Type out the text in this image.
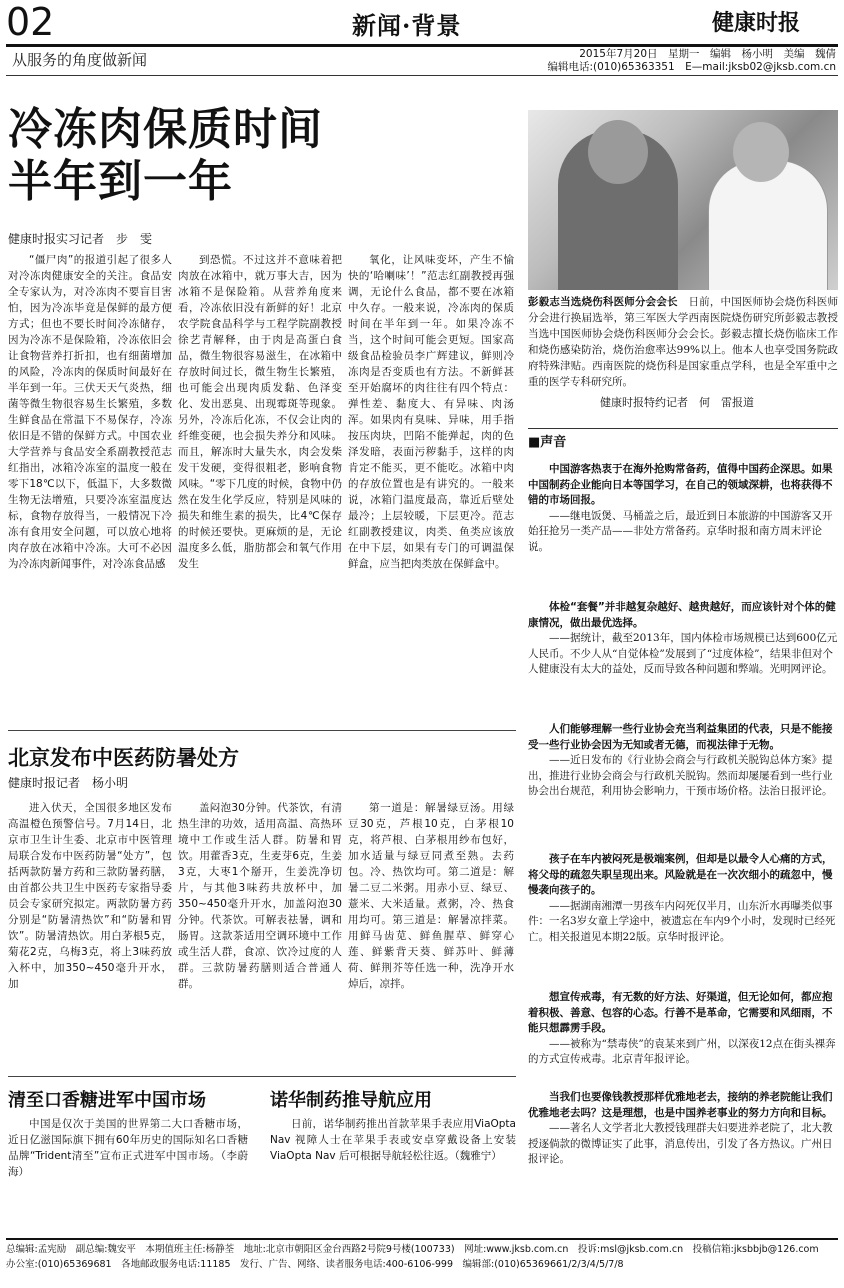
02	新闻·背景	健康时报
从服务的角度做新闻	2015年7月20日　星期一　编辑　杨小明　美编　魏倩
编辑电话:(010)65363351　 E—mail:jksb02@jksb.com.cn
冷冻肉保质时间
半年到一年
健康时报实习记者　步　雯

“僵尸肉”的报道引起了很多人对冷冻肉健康安全的关注。食品安全专家认为，对冷冻肉不要盲目害怕，因为冷冻毕竟是保鲜的最方便方式；但也不要长时间冷冻储存，因为冷冻不是保险箱，冷冻依旧会让食物营养打折扣，也有细菌增加的风险，冷冻肉的保质时间最好在半年到一年。三伏天天气炎热，细菌等微生物很容易生长繁殖，多数生鲜食品在常温下不易保存，冷冻依旧是不错的保鲜方式。中国农业大学营养与食品安全系副教授范志红指出，冰箱冷冻室的温度一般在零下18℃以下，低温下，大多数微生物无法增殖，只要冷冻室温度达标，食物存放得当，一般情况下冷冻有食用安全问题，可以放心地将肉存放在冰箱中冷冻。大可不必因为冷冻肉新闻事件，对冷冻食品感

到恐慌。不过这并不意味着把肉放在冰箱中，就万事大吉，因为冰箱不是保险箱。从营养角度来看，冷冻依旧没有新鲜的好！北京农学院食品科学与工程学院副教授徐艺青解释，由于肉是高蛋白食品，微生物很容易滋生，在冰箱中存放时间过长，微生物生长繁殖，也可能会出现肉质发黏、色泽变化、发出恶臭、出现霉斑等现象。另外，冷冻后化冻，不仅会让肉的纤维变硬，也会损失养分和风味。而且，解冻时大量失水，肉会发柴发干发硬，变得很粗老，影响食物风味。“零下几度的时候，食物中仍然在发生化学反应，特别是风味的损失和维生素的损失，比4℃保存的时候还要快。更麻烦的是，无论温度多么低，脂肪都会和氧气作用发生

氧化，让风味变坏，产生不愉快的‘哈喇味’！”范志红副教授再强调，无论什么食品，都不要在冰箱中久存。一般来说，冷冻肉的保质时间在半年到一年。如果冷冻不当，这个时间可能会更短。国家高级食品检验员李广辉建议，鲜则冷冻肉是否变质也有方法。不新鲜甚至开始腐坏的肉往往有四个特点：弹性差、黏度大、有异味、肉汤浑。如果肉有臭味、异味，用手指按压肉块，凹陷不能弹起，肉的色泽发暗，表面污秽黏手，这样的肉肯定不能买，更不能吃。冰箱中肉的存放位置也是有讲究的。一般来说，冰箱门温度最高，靠近后壁处最冷；上层较暖，下层更冷。范志红副教授建议，肉类、鱼类应该放在中下层，如果有专门的可调温保鲜盒，应当把肉类放在保鲜盒中。

彭毅志当选烧伤科医师分会会长　 日前，中国医师协会烧伤科医师分会进行换届选举，第三军医大学西南医院烧伤研究所彭毅志教授当选中国医师协会烧伤科医师分会会长。彭毅志擅长烧伤临床工作和烧伤感染防治，烧伤治愈率达99%以上。他本人也享受国务院政府特殊津贴。西南医院的烧伤科是国家重点学科，也是全军重中之重的医学专科研究所。
健康时报特约记者　何　雷报道
■声音
中国游客热衷于在海外抢购常备药，值得中国药企深思。如果中国制药企业能向日本等国学习，在自己的领域深耕，也将获得不错的市场回报。
——继电饭煲、马桶盖之后，最近到日本旅游的中国游客又开始狂抢另一类产品——非处方常备药。京华时报和南方周末评论说。
体检“套餐”并非越复杂越好、越贵越好，而应该针对个体的健康情况，做出最优选择。
——据统计，截至2013年，国内体检市场规模已达到600亿元人民币。不少人从“自觉体检”发展到了“过度体检”，结果非但对个人健康没有太大的益处，反而导致各种问题和弊端。光明网评论。
人们能够理解一些行业协会充当利益集团的代表，只是不能接受一些行业协会因为无知或者无德，而视法律于无物。
——近日发布的《行业协会商会与行政机关脱钩总体方案》提出，推进行业协会商会与行政机关脱钩。然而却屡屡看到一些行业协会出台规范，利用协会影响力，干预市场价格。法治日报评论。
孩子在车内被闷死是极端案例，但却是以最令人心痛的方式，将父母的疏忽失职呈现出来。风险就是在一次次细小的疏忽中，慢慢袭向孩子的。
——据湖南湘潭一男孩车内闷死仅半月，山东沂水再曝类似事件：一名3岁女童上学途中，被遗忘在车内9个小时，发现时已经死亡。相关报道见本期22版。京华时报评论。
想宣传戒毒，有无数的好方法、好渠道，但无论如何，都应抱着积极、善意、包容的心态。行善不是革命，它需要和风细雨，不能只想霹雳手段。
——被称为“禁毒侠”的袁某来到广州，以深夜12点在街头裸奔的方式宣传戒毒。北京青年报评论。
当我们也要像钱教授那样优雅地老去，接纳的养老院能让我们优雅地老去吗？这是理想，也是中国养老事业的努力方向和目标。
——著名人文学者北大教授钱理群夫妇要进养老院了，北大教授逐倘款的微博证实了此事，消息传出，引发了各方热议。广州日报评论。
北京发布中医药防暑处方
健康时报记者　杨小明

进入伏天，全国很多地区发布高温橙色预警信号。7月14日，北京市卫生计生委、北京市中医管理局联合发布中医药防暑“处方”，包括两款防暑方药和三款防暑药膳，由首都公共卫生中医药专家指导委员会专家研究拟定。两款防暑方药分别是“防暑清热饮”和“防暑和胃饮”。防暑清热饮。用白茅根5克，菊花2克，乌梅3克，将上3味药放入杯中，加350~450毫升开水，加

盖闷泡30分钟。代茶饮，有清热生津的功效，适用高温、高热环境中工作或生活人群。防暑和胃饮。用藿香3克，生麦芽6克，生姜3克，大枣1个掰开，生姜洗净切片，与其他3味药共放杯中，加350~450毫升开水，加盖闷泡30分钟。代茶饮。可解表祛暑，调和肠胃。这款茶适用空调环境中工作或生活人群，食凉、饮冷过度的人群。三款防暑药膳则适合普通人群。

第一道是：解暑绿豆汤。用绿豆30克，芦根10克，白茅根10克，将芦根、白茅根用纱布包好，加水适量与绿豆同煮至熟。去药包。冷、热饮均可。第二道是：解暑二豆二米粥。用赤小豆、绿豆、薏米、大米适量。煮粥，冷、热食用均可。第三道是：解暑凉拌菜。用鲜马齿苋、鲜鱼腥草、鲜穿心莲、鲜紫背天葵、鲜苏叶、鲜薄荷、鲜荆芥等任选一种，洗净开水焯后，凉拌。

清至口香糖进军中国市场

中国是仅次于美国的世界第二大口香糖市场，近日亿滋国际旗下拥有60年历史的国际知名口香糖品牌“Trident清至”宣布正式进军中国市场。（李蔚海）

诺华制药推导航应用

日前，诺华制药推出首款苹果手表应用ViaOpta Nav 视障人士在苹果手表或安卓穿戴设备上安装 ViaOpta Nav 后可根据导航轻松往返。（魏雅宁）

总编辑:孟宪励　副总编:魏安平　本期值班主任:杨静荃　地址:北京市朝阳区金台西路2号院9号楼(100733)　网址:www.jksb.com.cn　投诉:msl@jksb.com.cn　投稿信箱:jksbbjb@126.com
办公室:(010)65369681　各地邮政服务电话:11185　发行、广告、网络、读者服务电话:400-6106-999　编辑部:(010)65369661/2/3/4/5/7/8
